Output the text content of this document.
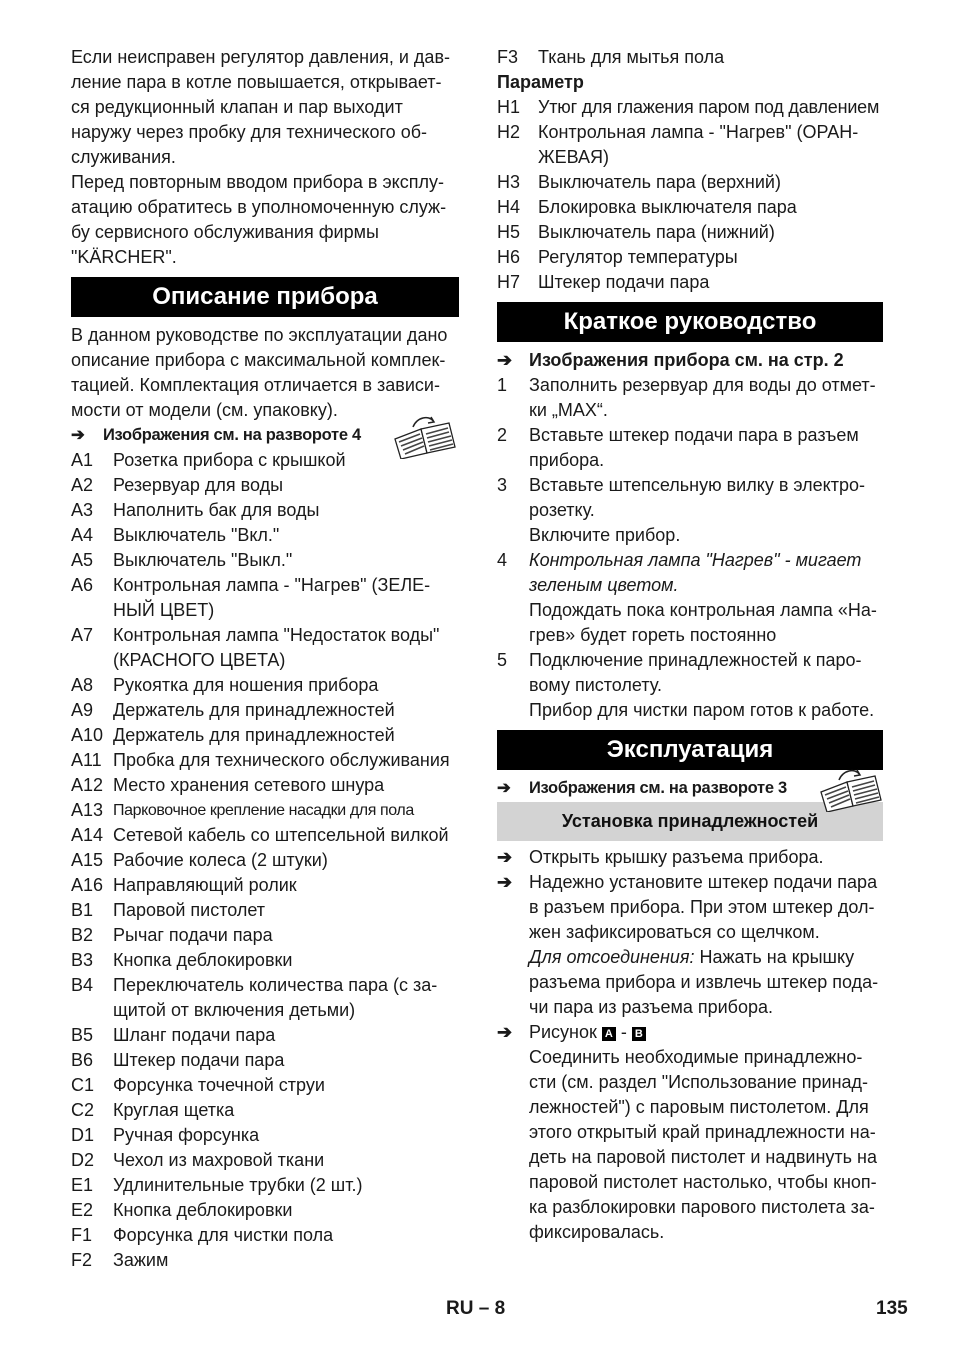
Если неисправен регулятор давления, и дав-
ление пара в котле повышается, открывает-
ся редукционный клапан и пар выходит
наружу через пробку для технического об-
служивания.
Перед повторным вводом прибора в эксплу-
атацию обратитесь в уполномоченную служ-
бу сервисного обслуживания фирмы
"KÄRCHER".
Описание прибора
В данном руководстве по эксплуатации дано
описание прибора с максимальной комплек-
тацией. Комплектация отличается в зависи-
мости от модели (см. упаковку).
➔	Изображения см. на развороте 4
A1	Розетка прибора с крышкой
A2	Резервуар для воды
A3	Наполнить бак для воды
A4	Выключатель "Вкл."
A5	Выключатель "Выкл."
A6	Контрольная лампа - "Нагрев" (ЗЕЛЕ-
НЫЙ ЦВЕТ)
A7	Контрольная лампа "Недостаток воды"
(КРАСНОГО ЦВЕТА)
A8	Рукоятка для ношения прибора
A9	Держатель для принадлежностей
A10 Держатель для принадлежностей
A11 Пробка для технического обслуживания
A12 Место хранения сетевого шнура
A13 Парковочное крепление насадки для пола
A14 Сетевой кабель со штепсельной вилкой
A15 Рабочие колеса (2 штуки)
A16 Направляющий ролик
B1	Паровой пистолет
B2	Рычаг подачи пара
B3	Кнопка деблокировки
B4	Переключатель количества пара (с за-
щитой от включения детьми)
B5	Шланг подачи пара
B6	Штекер подачи пара
C1	Форсунка точечной струи
C2	Круглая щетка
D1	Ручная форсунка
D2	Чехол из махровой ткани
E1	Удлинительные трубки (2 шт.)
E2	Кнопка деблокировки
F1	Форсунка для чистки пола
F2	Зажим
F3	Ткань для мытья пола
Параметр
H1 Утюг для глажения паром под давлением
H2 Контрольная лампа - "Нагрев" (ОРАН-
ЖЕВАЯ)
H3 Выключатель пара (верхний)
H4 Блокировка выключателя пара
H5 Выключатель пара (нижний)
H6 Регулятор температуры
H7 Штекер подачи пара
Краткое руководство
➔ Изображения прибора см. на стр. 2
1	Заполнить резервуар для воды до отмет-
ки „MAX“.
2	Вставьте штекер подачи пара в разъем
прибора.
3	Вставьте штепсельную вилку в электро-
розетку.
Включите прибор.
4	Контрольная лампа "Нагрев" - мигает
зеленым цветом.
Подождать пока контрольная лампа «На-
грев» будет гореть постоянно
5	Подключение принадлежностей к паро-
вому пистолету.
Прибор для чистки паром готов к работе.
Эксплуатация
➔	Изображения см. на развороте 3
Установка принадлежностей
➔ Открыть крышку разъема прибора.
➔ Надежно установите штекер подачи пара
в разъем прибора. При этом штекер дол-
жен зафиксироваться со щелчком.
Для отсоединения: Нажать на крышку
разъема прибора и извлечь штекер пода-
чи пара из разъема прибора.
➔ Рисунок A - B
Соединить необходимые принадлежно-
сти (см. раздел "Использование принад-
лежностей") с паровым пистолетом. Для
этого открытый край принадлежности на-
деть на паровой пистолет и надвинуть на
паровой пистолет настолько, чтобы кноп-
ка разблокировки парового пистолета за-
фиксировалась.
RU – 8	135
